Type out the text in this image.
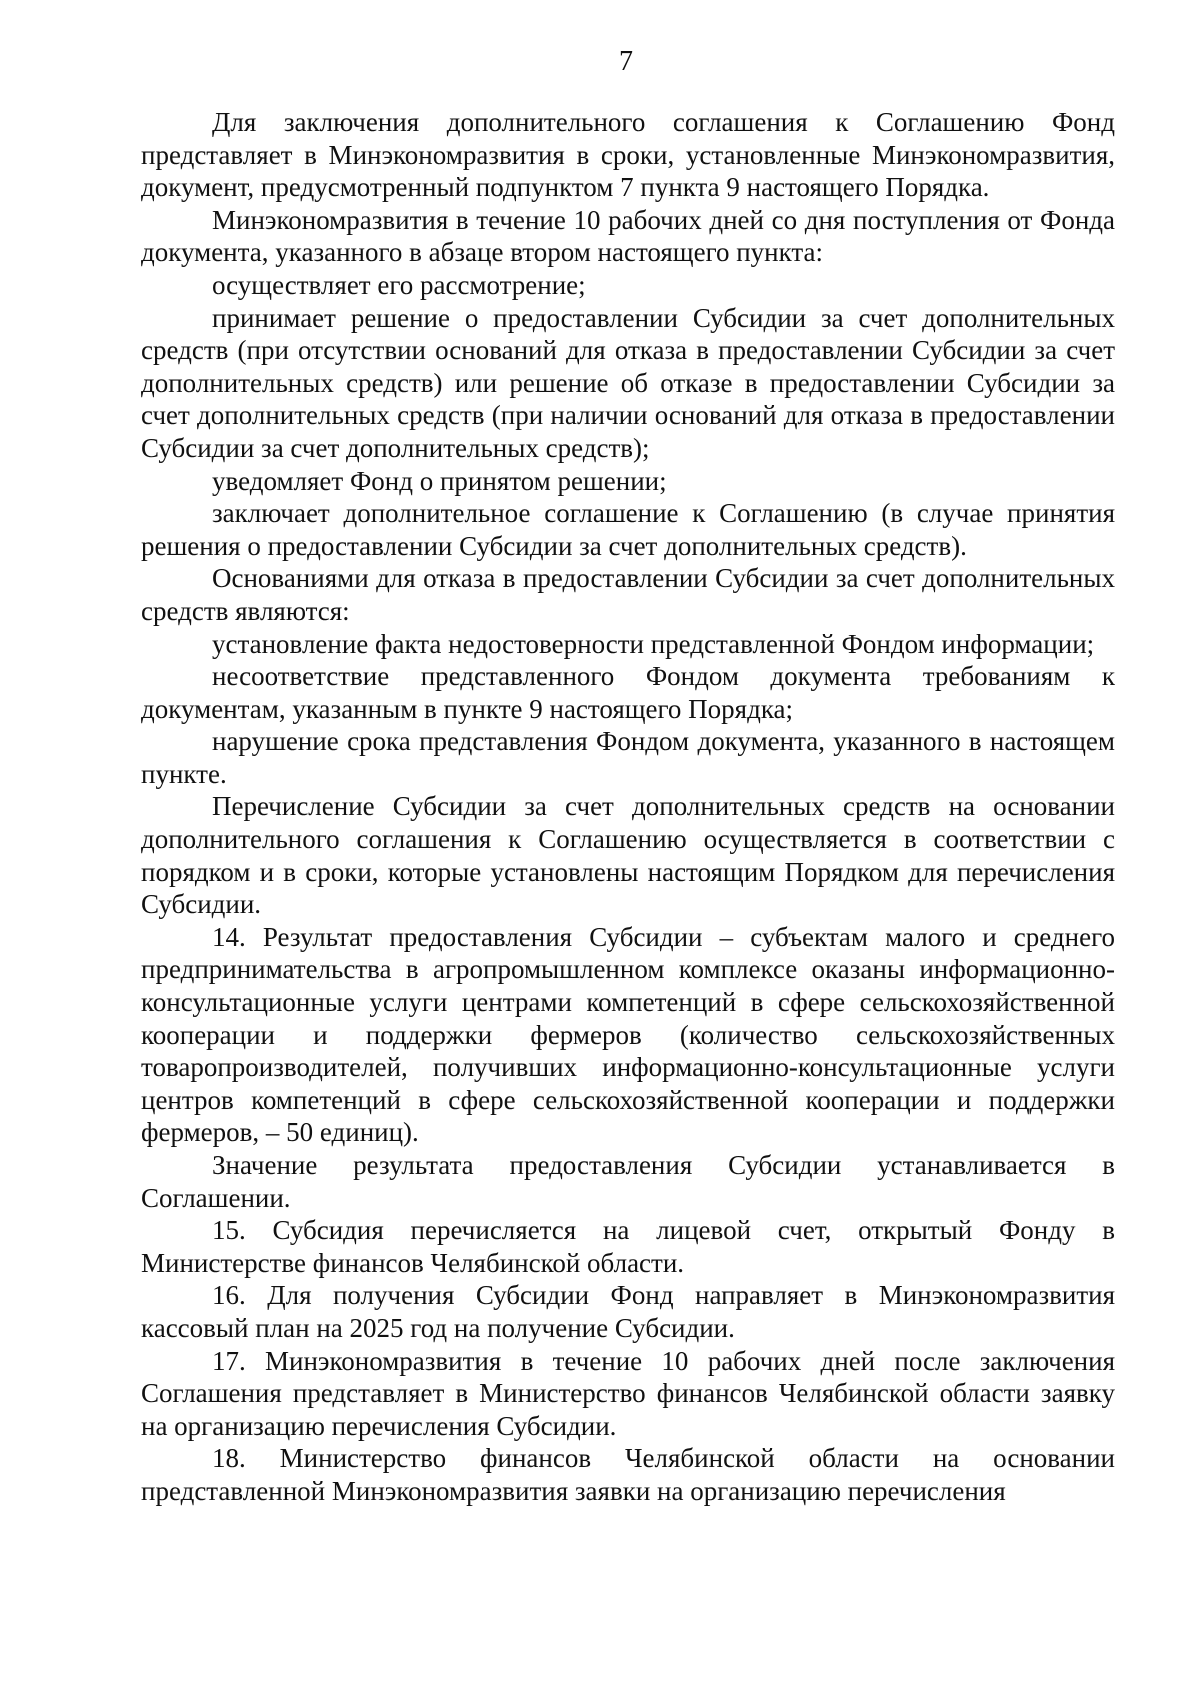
7

Для заключения дополнительного соглашения к Соглашению Фонд представляет в Минэкономразвития в сроки, установленные Минэкономразвития, документ, предусмотренный подпунктом 7 пункта 9 настоящего Порядка.

Минэкономразвития в течение 10 рабочих дней со дня поступления от Фонда документа, указанного в абзаце втором настоящего пункта:

осуществляет его рассмотрение;

принимает решение о предоставлении Субсидии за счет дополнительных средств (при отсутствии оснований для отказа в предоставлении Субсидии за счет дополнительных средств) или решение об отказе в предоставлении Субсидии за счет дополнительных средств (при наличии оснований для отказа в предоставлении Субсидии за счет дополнительных средств);

уведомляет Фонд о принятом решении;

заключает дополнительное соглашение к Соглашению (в случае принятия решения о предоставлении Субсидии за счет дополнительных средств).

Основаниями для отказа в предоставлении Субсидии за счет дополнительных средств являются:

установление факта недостоверности представленной Фондом информации;

несоответствие представленного Фондом документа требованиям к документам, указанным в пункте 9 настоящего Порядка;

нарушение срока представления Фондом документа, указанного в настоящем пункте.

Перечисление Субсидии за счет дополнительных средств на основании дополнительного соглашения к Соглашению осуществляется в соответствии с порядком и в сроки, которые установлены настоящим Порядком для перечисления Субсидии.

14. Результат предоставления Субсидии – субъектам малого и среднего предпринимательства в агропромышленном комплексе оказаны информационно-консультационные услуги центрами компетенций в сфере сельскохозяйственной кооперации и поддержки фермеров (количество сельскохозяйственных товаропроизводителей, получивших информационно-консультационные услуги центров компетенций в сфере сельскохозяйственной кооперации и поддержки фермеров, – 50 единиц).

Значение результата предоставления Субсидии устанавливается в Соглашении.

15. Субсидия перечисляется на лицевой счет, открытый Фонду в Министерстве финансов Челябинской области.

16. Для получения Субсидии Фонд направляет в Минэкономразвития кассовый план на 2025 год на получение Субсидии.

17. Минэкономразвития в течение 10 рабочих дней после заключения Соглашения представляет в Министерство финансов Челябинской области заявку на организацию перечисления Субсидии.

18. Министерство финансов Челябинской области на основании представленной Минэкономразвития заявки на организацию перечисления
